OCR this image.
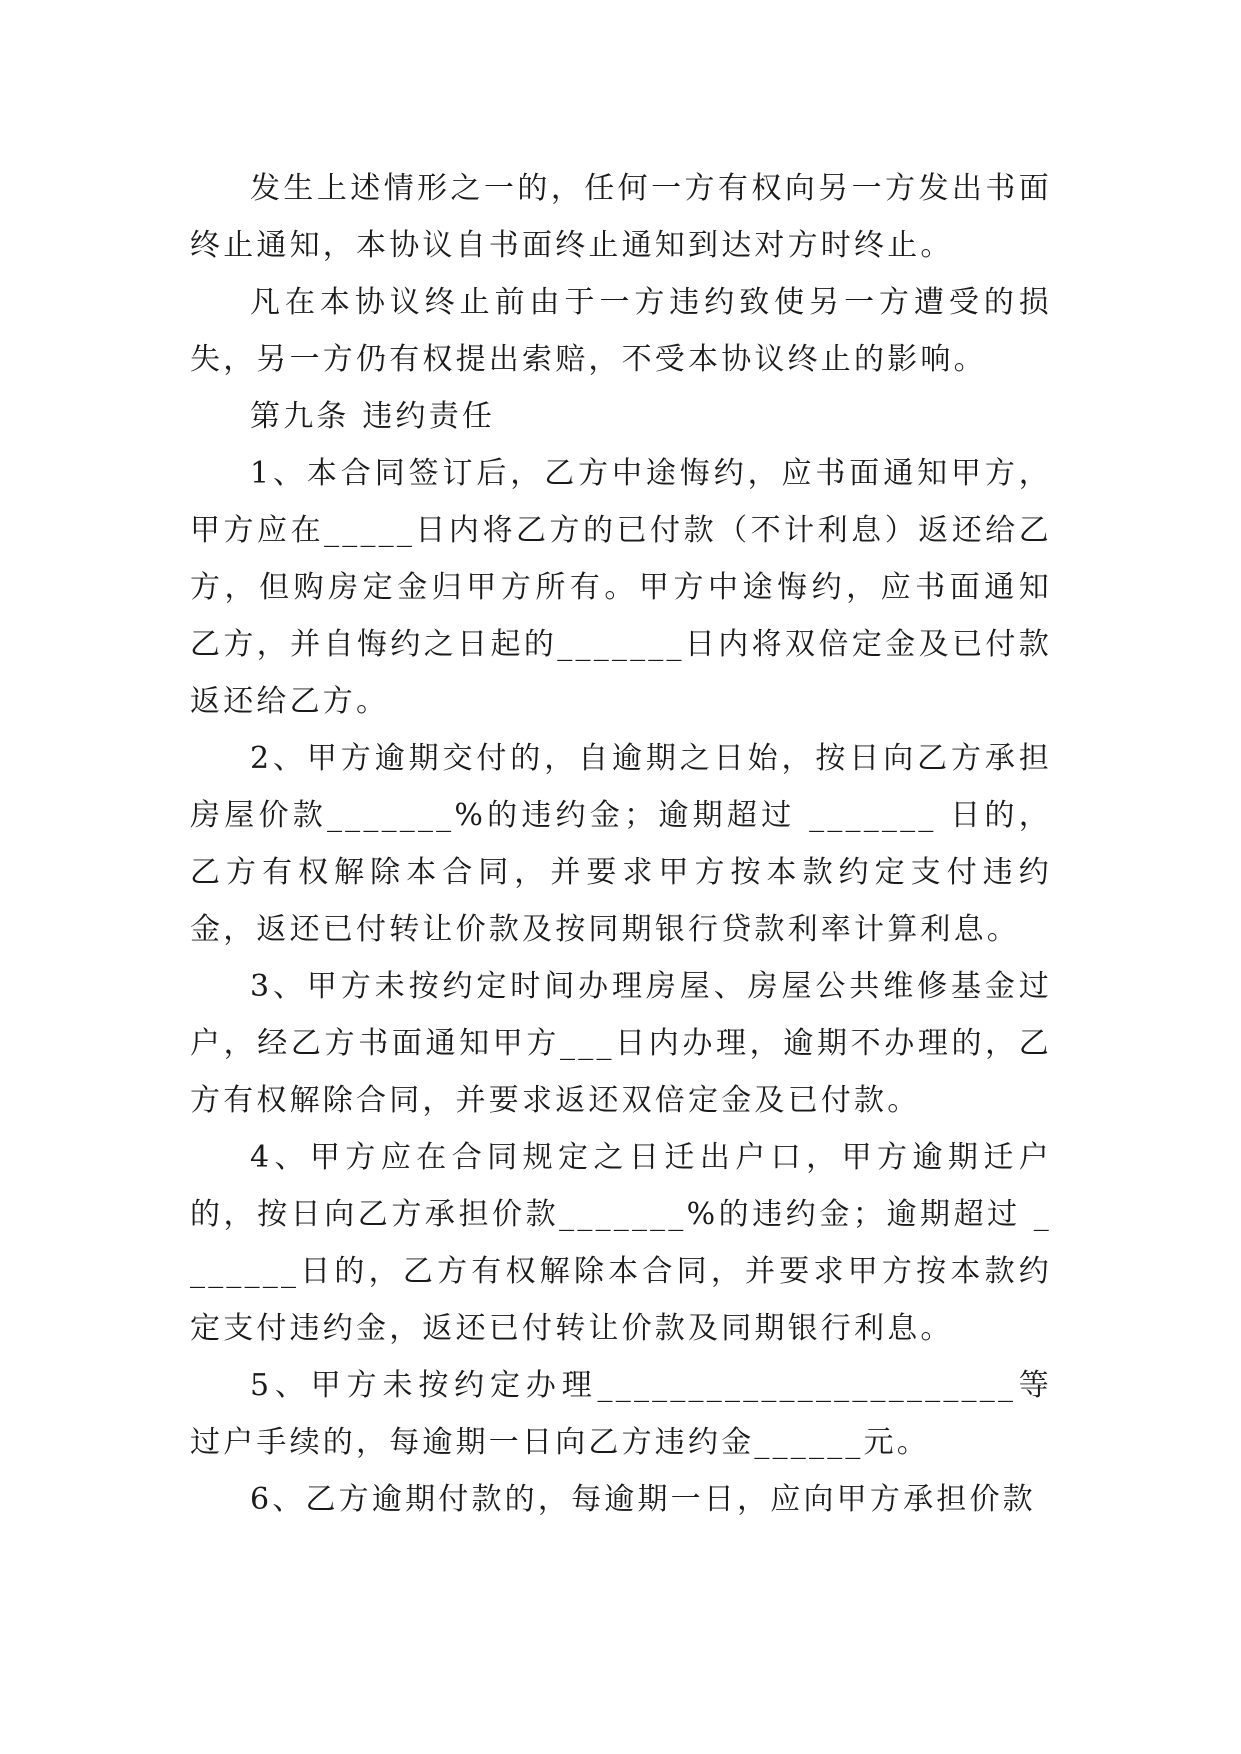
发生上述情形之一的，任何一方有权向另一方发出书面终止通知，本协议自书面终止通知到达对方时终止。

凡在本协议终止前由于一方违约致使另一方遭受的损失，另一方仍有权提出索赔，不受本协议终止的影响。

第九条 违约责任

1、本合同签订后，乙方中途悔约，应书面通知甲方，甲方应在_____日内将乙方的已付款（不计利息）返还给乙方，但购房定金归甲方所有。甲方中途悔约，应书面通知乙方，并自悔约之日起的_______日内将双倍定金及已付款返还给乙方。

2、甲方逾期交付的，自逾期之日始，按日向乙方承担房屋价款_______%的违约金；逾期超过 _______ 日的，乙方有权解除本合同，并要求甲方按本款约定支付违约金，返还已付转让价款及按同期银行贷款利率计算利息。

3、甲方未按约定时间办理房屋、房屋公共维修基金过户，经乙方书面通知甲方___日内办理，逾期不办理的，乙方有权解除合同，并要求返还双倍定金及已付款。

4、甲方应在合同规定之日迁出户口，甲方逾期迁户的，按日向乙方承担价款_______%的违约金；逾期超过 _______日的，乙方有权解除本合同，并要求甲方按本款约定支付违约金，返还已付转让价款及同期银行利息。

5、甲方未按约定办理_______________________等过户手续的，每逾期一日向乙方违约金______元。

6、乙方逾期付款的，每逾期一日，应向甲方承担价款
